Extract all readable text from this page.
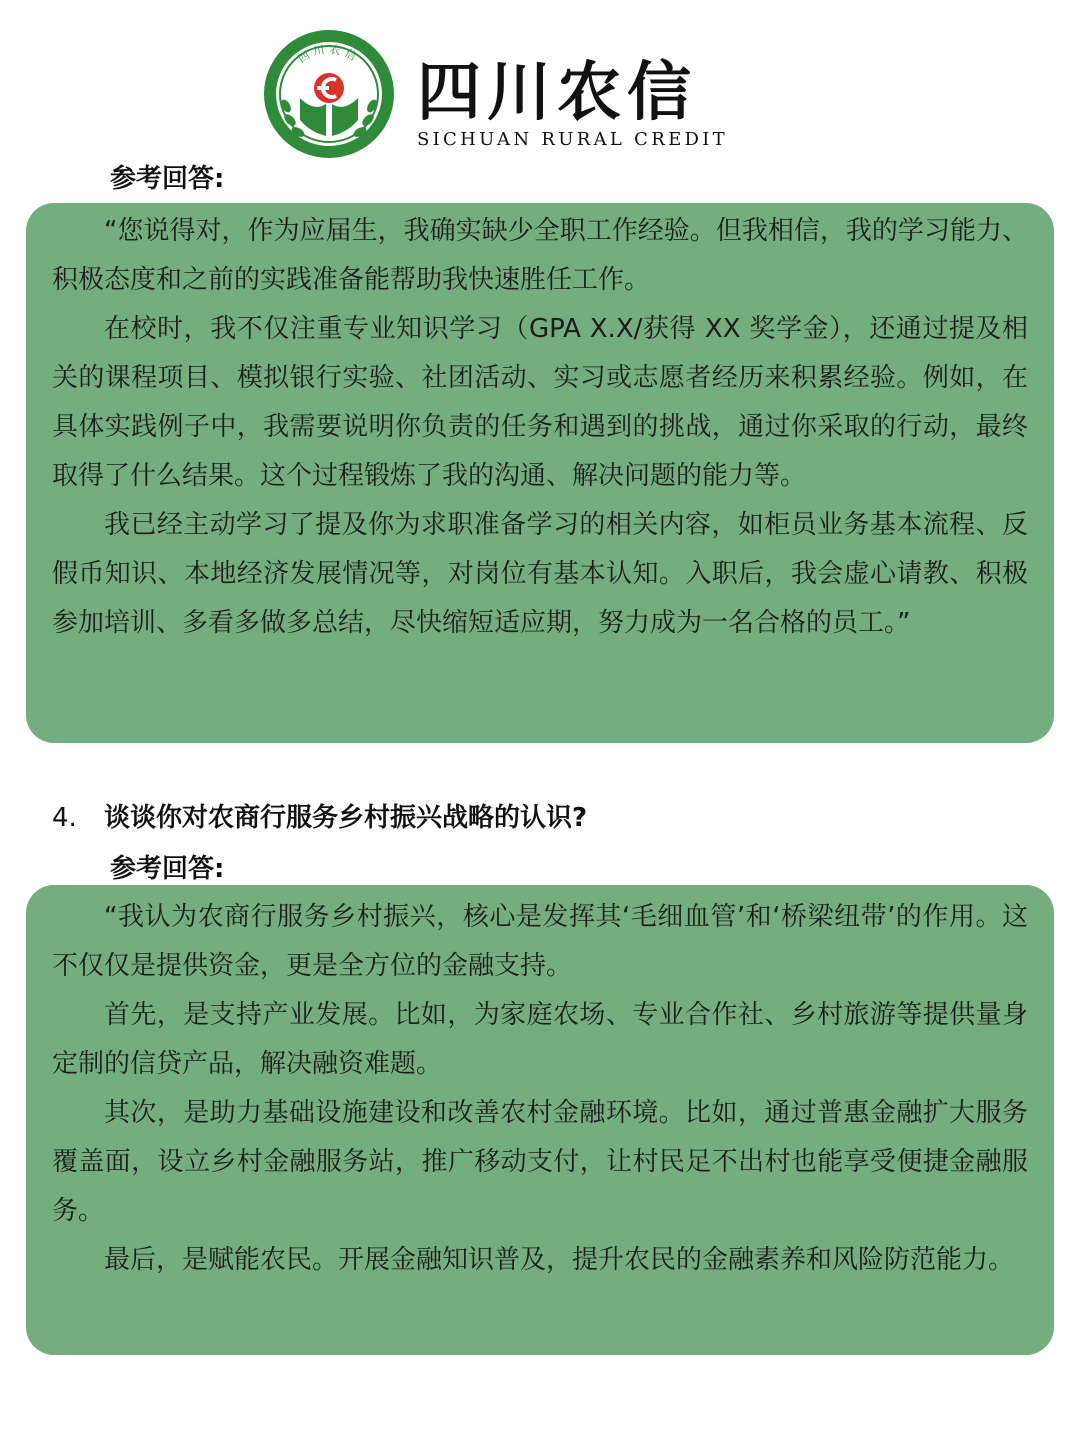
四川农信 四川农信
SICHUAN RURAL CREDIT
参考回答:

“您说得对，作为应届生，我确实缺少全职工作经验。但我相信，我的学习能力、积极态度和之前的实践准备能帮助我快速胜任工作。

在校时，我不仅注重专业知识学习（GPA X.X/获得 XX 奖学金），还通过提及相关的课程项目、模拟银行实验、社团活动、实习或志愿者经历来积累经验。例如，在具体实践例子中，我需要说明你负责的任务和遇到的挑战，通过你采取的行动，最终取得了什么结果。这个过程锻炼了我的沟通、解决问题的能力等。

我已经主动学习了提及你为求职准备学习的相关内容，如柜员业务基本流程、反假币知识、本地经济发展情况等，对岗位有基本认知。入职后，我会虚心请教、积极参加培训、多看多做多总结，尽快缩短适应期，努力成为一名合格的员工。”

4. 谈谈你对农商行服务乡村振兴战略的认识?
参考回答:

“我认为农商行服务乡村振兴，核心是发挥其‘毛细血管’和‘桥梁纽带’的作用。这不仅仅是提供资金，更是全方位的金融支持。

首先，是支持产业发展。比如，为家庭农场、专业合作社、乡村旅游等提供量身定制的信贷产品，解决融资难题。

其次，是助力基础设施建设和改善农村金融环境。比如，通过普惠金融扩大服务覆盖面，设立乡村金融服务站，推广移动支付，让村民足不出村也能享受便捷金融服务。

最后，是赋能农民。开展金融知识普及，提升农民的金融素养和风险防范能力。
